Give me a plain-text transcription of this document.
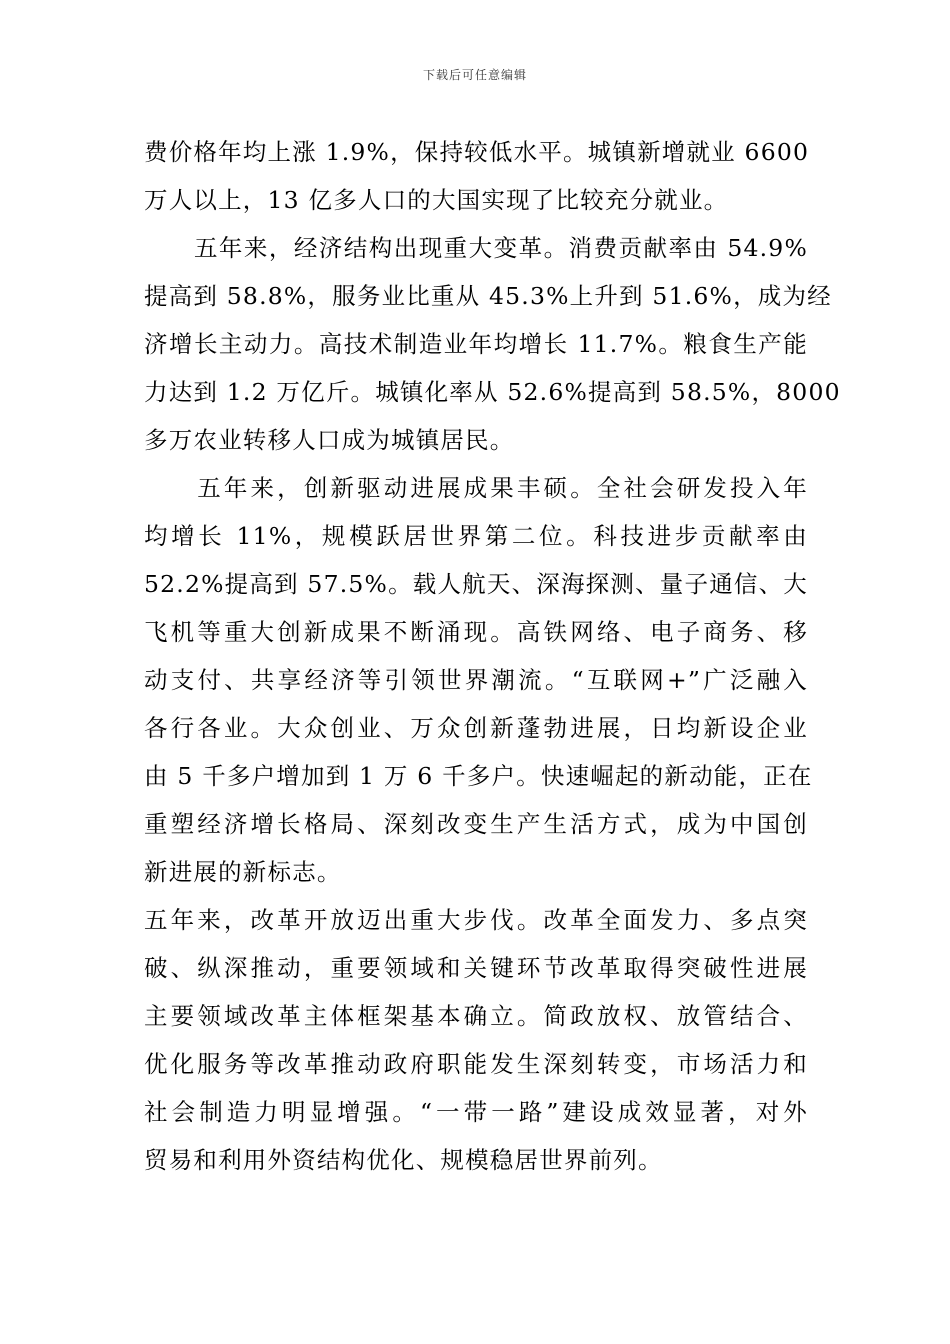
下载后可任意编辑
费价格年均上涨 1.9%，保持较低水平。城镇新增就业 6600
万人以上，13 亿多人口的大国实现了比较充分就业。
　　五年来，经济结构出现重大变革。消费贡献率由 54.9%
提高到 58.8%，服务业比重从 45.3%上升到 51.6%，成为经
济增长主动力。高技术制造业年均增长 11.7%。粮食生产能
力达到 1.2 万亿斤。城镇化率从 52.6%提高到 58.5%，8000
多万农业转移人口成为城镇居民。
　　五年来，创新驱动进展成果丰硕。全社会研发投入年
均增长 11%，规模跃居世界第二位。科技进步贡献率由
52.2%提高到 57.5%。载人航天、深海探测、量子通信、大
飞机等重大创新成果不断涌现。高铁网络、电子商务、移
动支付、共享经济等引领世界潮流。“互联网+”广泛融入
各行各业。大众创业、万众创新蓬勃进展，日均新设企业
由 5 千多户增加到 1 万 6 千多户。快速崛起的新动能，正在
重塑经济增长格局、深刻改变生产生活方式，成为中国创
新进展的新标志。
五年来，改革开放迈出重大步伐。改革全面发力、多点突
破、纵深推动，重要领域和关键环节改革取得突破性进展
主要领域改革主体框架基本确立。简政放权、放管结合、
优化服务等改革推动政府职能发生深刻转变，市场活力和
社会制造力明显增强。“一带一路”建设成效显著，对外
贸易和利用外资结构优化、规模稳居世界前列。
